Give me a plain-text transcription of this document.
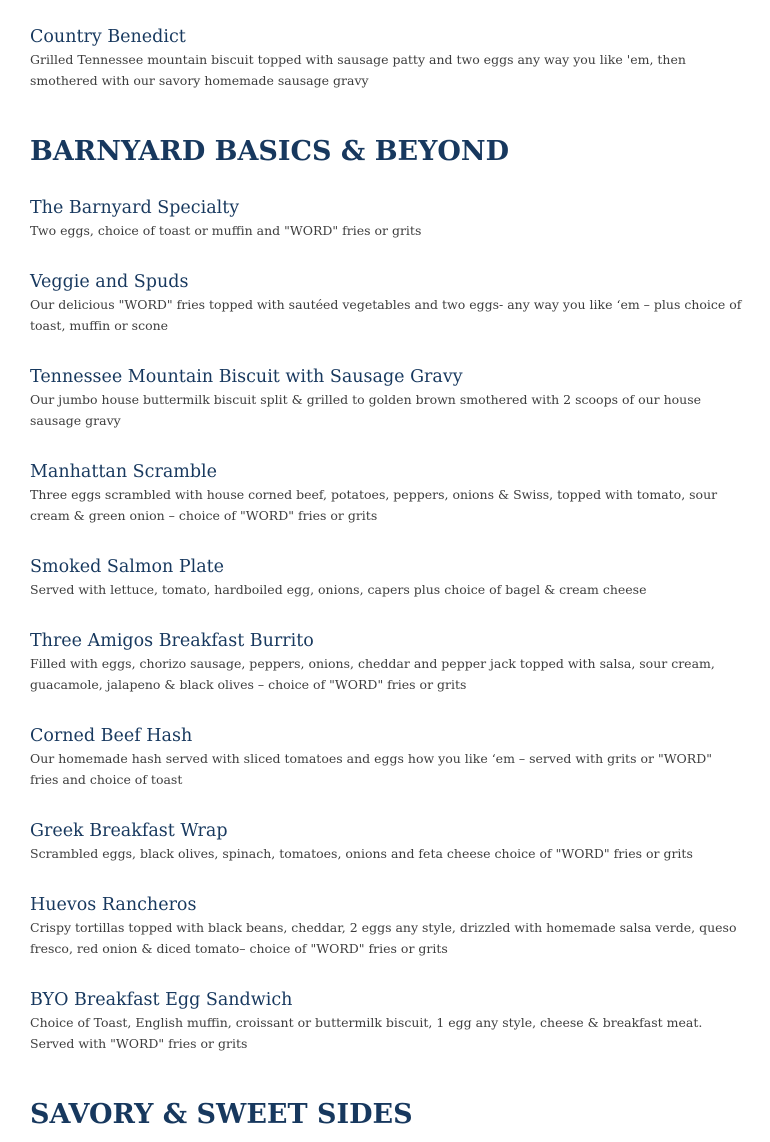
Country Benedict

Grilled Tennessee mountain biscuit topped with sausage patty and two eggs any way you like 'em, then smothered with our savory homemade sausage gravy

BARNYARD BASICS & BEYOND

The Barnyard Specialty

Two eggs, choice of toast or muffin and "WORD" fries or grits

Veggie and Spuds

Our delicious "WORD" fries topped with sautéed vegetables and two eggs- any way you like ‘em – plus choice of toast, muffin or scone

Tennessee Mountain Biscuit with Sausage Gravy

Our jumbo house buttermilk biscuit split & grilled to golden brown smothered with 2 scoops of our house sausage gravy

Manhattan Scramble

Three eggs scrambled with house corned beef, potatoes, peppers, onions & Swiss, topped with tomato, sour cream & green onion – choice of "WORD" fries or grits

Smoked Salmon Plate

Served with lettuce, tomato, hardboiled egg, onions, capers plus choice of bagel & cream cheese

Three Amigos Breakfast Burrito

Filled with eggs, chorizo sausage, peppers, onions, cheddar and pepper jack topped with salsa, sour cream, guacamole, jalapeno & black olives – choice of "WORD" fries or grits

Corned Beef Hash

Our homemade hash served with sliced tomatoes and eggs how you like ‘em – served with grits or "WORD" fries and choice of toast

Greek Breakfast Wrap

Scrambled eggs, black olives, spinach, tomatoes, onions and feta cheese choice of "WORD" fries or grits

Huevos Rancheros

Crispy tortillas topped with black beans, cheddar, 2 eggs any style, drizzled with homemade salsa verde, queso fresco, red onion & diced tomato– choice of "WORD" fries or grits

BYO Breakfast Egg Sandwich

Choice of Toast, English muffin, croissant or buttermilk biscuit, 1 egg any style, cheese & breakfast meat. Served with "WORD" fries or grits

SAVORY & SWEET SIDES
